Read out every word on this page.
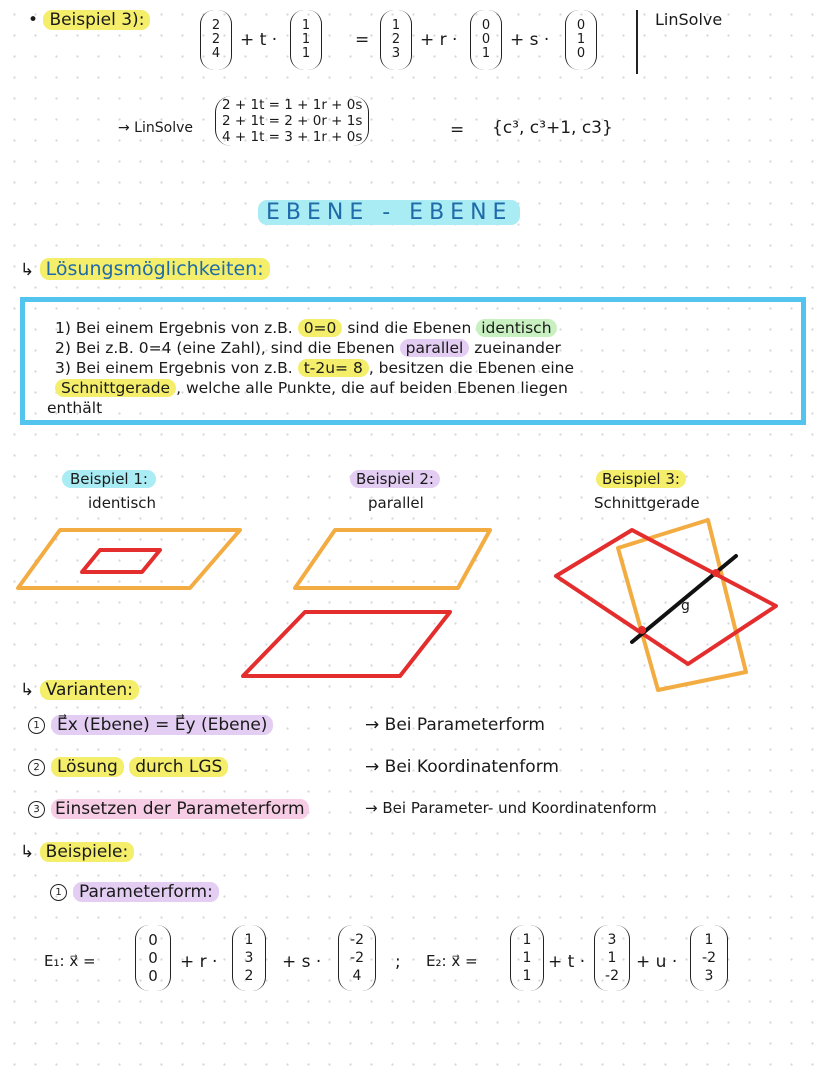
• Beispiel 3):	2
2
4
+ t ·
1
1
1
=
1
2
3
+ r ·
0
0
1
+ s ·
0
1
0
LinSolve
→ LinSolve
2 + 1t = 1 + 1r + 0s
2 + 1t = 2 + 0r + 1s
4 + 1t = 3 + 1r + 0s	= {c³, c³+1, c3}
EBENE - EBENE
↳ Lösungsmöglichkeiten:
1) Bei einem Ergebnis von z.B. 0=0 sind die Ebenen identisch
2) Bei z.B. 0=4 (eine Zahl), sind die Ebenen parallel zueinander
3) Bei einem Ergebnis von z.B. t-2u= 8 , besitzen die Ebenen eine
Schnittgerade , welche alle Punkte, die auf beiden Ebenen liegen
enthält
Beispiel 1:
identisch
Beispiel 2:
parallel
Beispiel 3:
Schnittgerade
g
↳ Varianten:
1 E⃗x (Ebene) = E⃗y (Ebene)	→ Bei Parameterform
2 Lösung durch LGS	→ Bei Koordinatenform
3 Einsetzen der Parameterform	→ Bei Parameter- und Koordinatenform
↳ Beispiele:
1 Parameterform:
E₁: x⃗ =
0
0
0
+ r ·
1
3
2
+ s ·
-2
-2
4
; E₂: x⃗ =
1
1
1
+ t ·
3
1
-2
+ u ·
1
-2
3
